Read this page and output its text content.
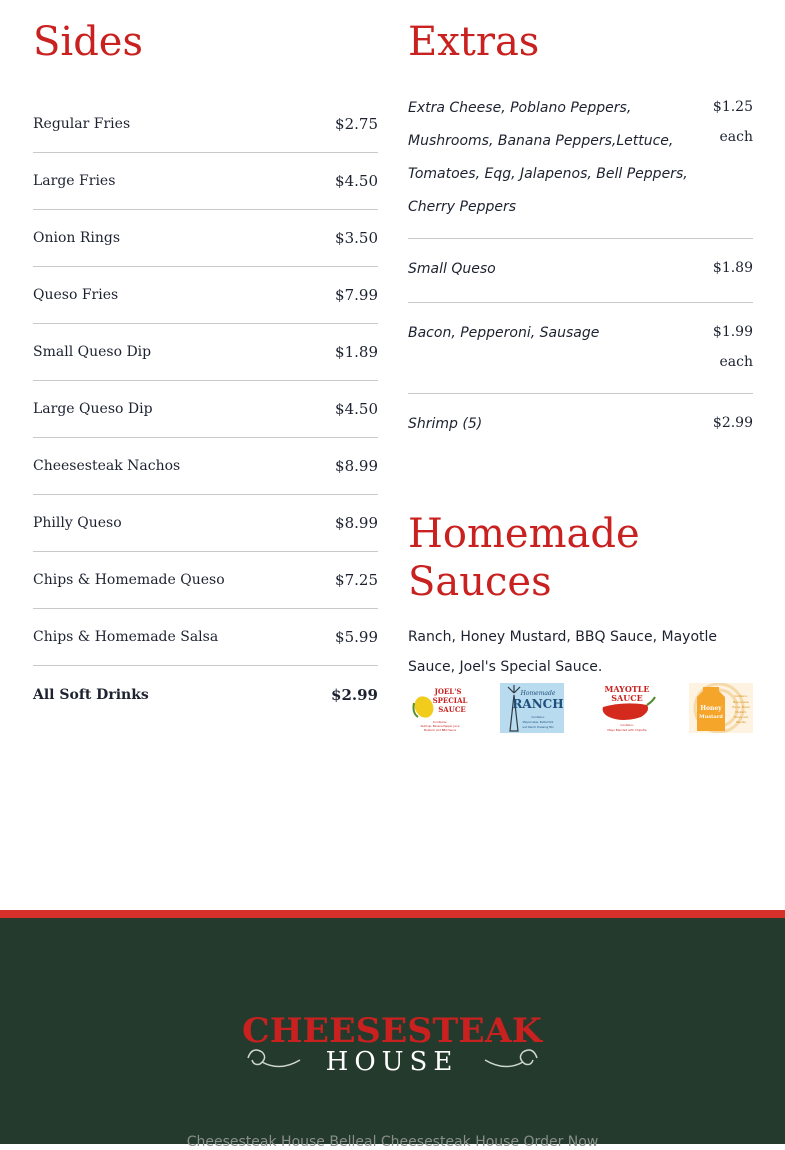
Sides
Regular Fries	$2.75
Large Fries	$4.50
Onion Rings	$3.50
Queso Fries	$7.99
Small Queso Dip	$1.89
Large Queso Dip	$4.50
Cheesesteak Nachos	$8.99
Philly Queso	$8.99
Chips & Homemade Queso	$7.25
Chips & Homemade Salsa	$5.99
All Soft Drinks	$2.99
Extras
Extra Cheese, Poblano Peppers, Mushrooms, Banana Peppers,Lettuce, Tomatoes, Eqg, Jalapenos, Bell Peppers, Cherry Peppers
$1.25
each
Small Queso	$1.89
Bacon, Pepperoni, Sausage	$1.99
each
Shrimp (5)	$2.99
Homemade
Sauces
Ranch, Honey Mustard, BBQ Sauce, Mayotle Sauce, Joel's Special Sauce.
JOEL'S
SPECIAL
SAUCE
Contains:
Ketchup, Banana Pepper Juice
Mustard, and BBQ Sauce
Homemade
RANCH
Contains:
Mayonnaise, Buttermilk
and Ranch Dressing Mix
MAYOTLE
SAUCE
Contains:
Mayo Blended with Chipotle
Honey
Mustard
Contains:
Mayonnaise,
Honey, Brown
Mustard,
Honey and
Paprika
CHEESESTEAK
HOUSE
Cheesesteak House Belleal Cheesesteak House Order Now
